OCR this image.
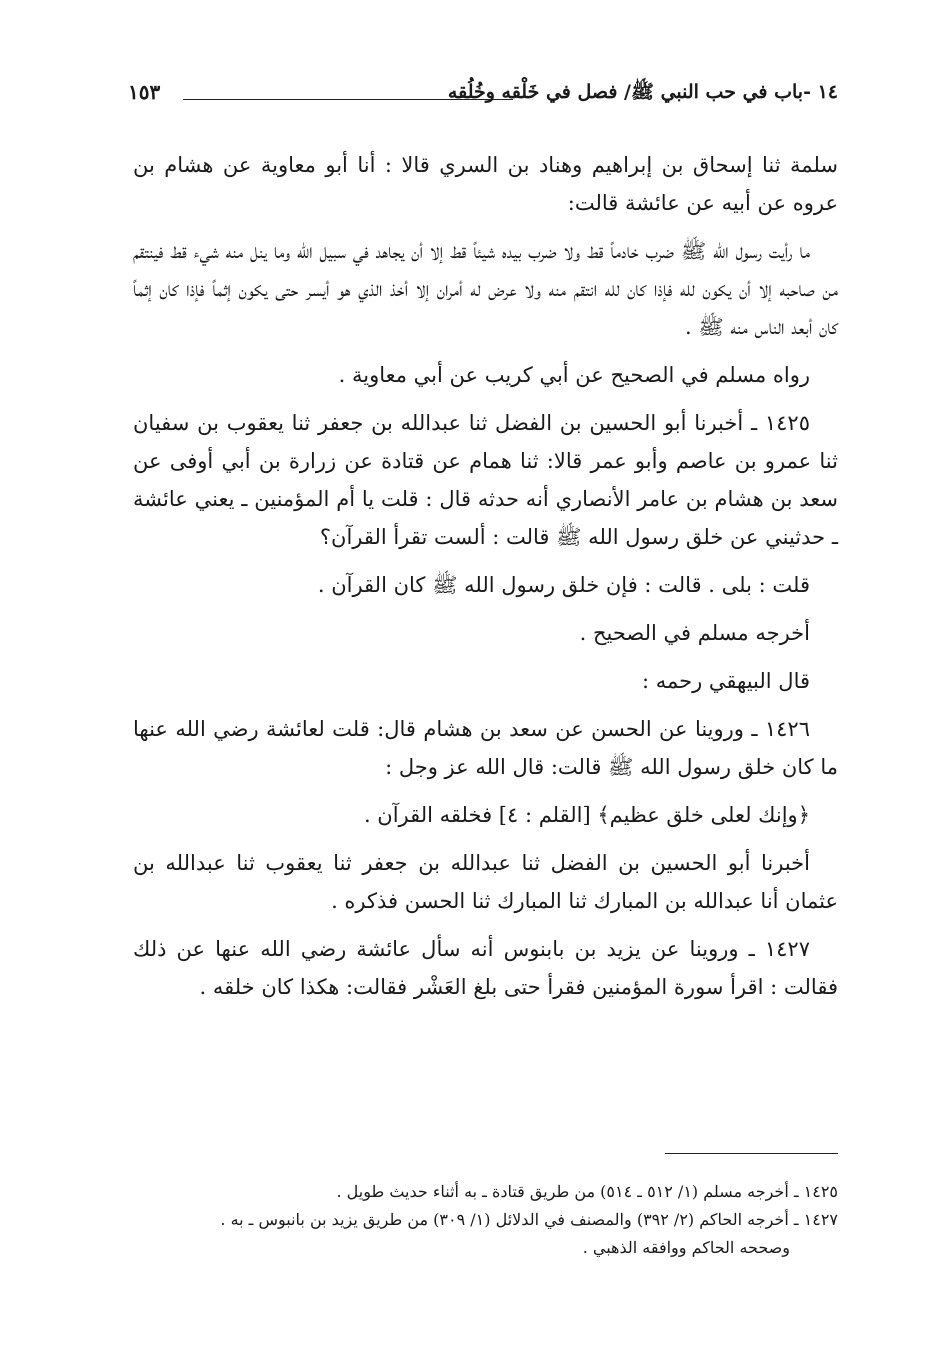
١٤ -باب في حب النبي ﷺ/ فصل في خَلْقه وخُلُقه
١٥٣

سلمة ثنا إسحاق بن إبراهيم وهناد بن السري قالا : أنا أبو معاوية عن هشام بن عروه عن أبيه عن عائشة قالت:

ما رأيت رسول الله ﷺ ضرب خادماً قط ولا ضرب بيده شيئاً قط إلا أن يجاهد في سبيل الله وما ينل منه شيء قط فينتقم من صاحبه إلا أن يكون لله فإذا كان لله انتقم منه ولا عرض له أمران إلا أخذ الذي هو أيسر حتى يكون إثماً فإذا كان إثماً كان أبعد الناس منه ﷺ .

رواه مسلم في الصحيح عن أبي كريب عن أبي معاوية .

١٤٢٥ ـ أخبرنا أبو الحسين بن الفضل ثنا عبدالله بن جعفر ثنا يعقوب بن سفيان ثنا عمرو بن عاصم وأبو عمر قالا: ثنا همام عن قتادة عن زرارة بن أبي أوفى عن سعد بن هشام بن عامر الأنصاري أنه حدثه قال : قلت يا أم المؤمنين ـ يعني عائشة ـ حدثيني عن خلق رسول الله ﷺ قالت : ألست تقرأ القرآن؟

قلت : بلى . قالت : فإن خلق رسول الله ﷺ كان القرآن .

أخرجه مسلم في الصحيح .

قال البيهقي رحمه :

١٤٢٦ ـ وروينا عن الحسن عن سعد بن هشام قال: قلت لعائشة رضي الله عنها ما كان خلق رسول الله ﷺ قالت: قال الله عز وجل :

﴿وإنك لعلى خلق عظيم﴾ [القلم : ٤] فخلقه القرآن .

أخبرنا أبو الحسين بن الفضل ثنا عبدالله بن جعفر ثنا يعقوب ثنا عبدالله بن عثمان أنا عبدالله بن المبارك ثنا المبارك ثنا الحسن فذكره .

١٤٢٧ ـ وروينا عن يزيد بن بابنوس أنه سأل عائشة رضي الله عنها عن ذلك فقالت : اقرأ سورة المؤمنين فقرأ حتى بلغ العَشْر فقالت: هكذا كان خلقه .

١٤٢٥ ـ أخرجه مسلم (١/ ٥١٢ ـ ٥١٤) من طريق قتادة ـ به أثناء حديث طويل .

١٤٢٧ ـ أخرجه الحاكم (٢/ ٣٩٢) والمصنف في الدلائل (١/ ٣٠٩) من طريق يزيد بن بانبوس ـ به .

وصححه الحاكم ووافقه الذهبي .
